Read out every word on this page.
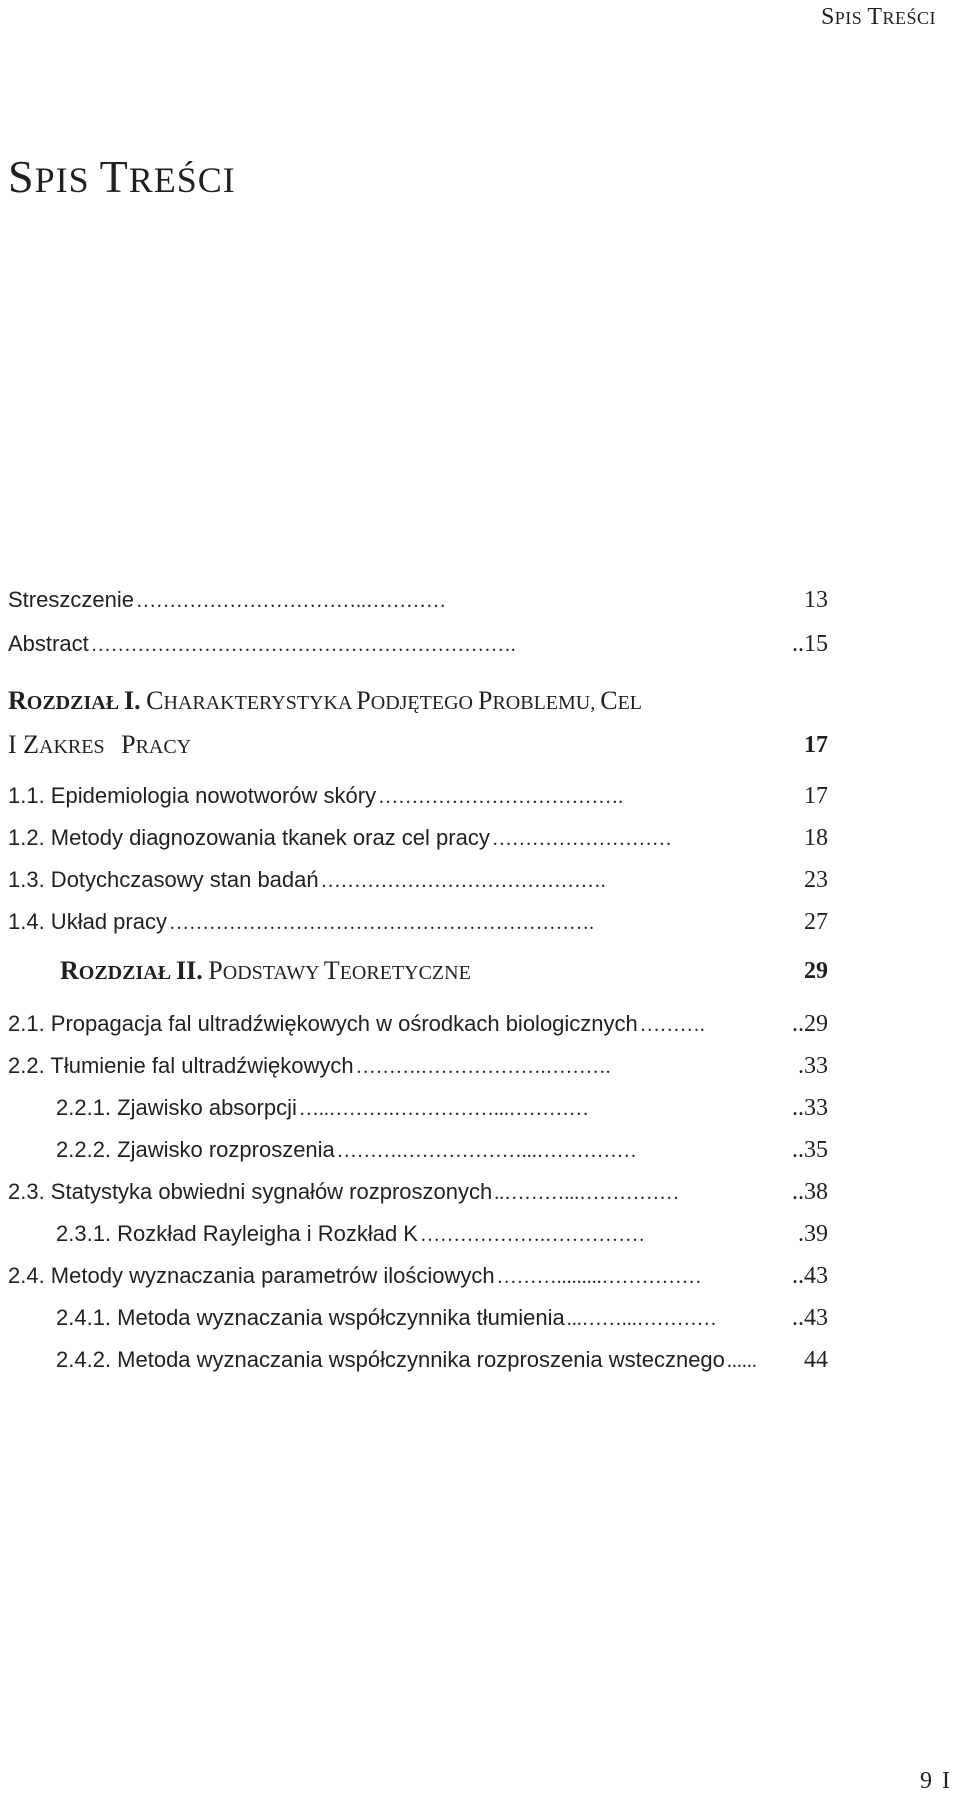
SPIS TREŚCI
SPIS TREŚCI
Streszczenie ……………………………..…………	13
Abstract ……………………………………………………….	..15
ROZDZIAŁ I. CHARAKTERYSTYKA PODJĘTEGO PROBLEMU, CEL
I ZAKRES PRACY	17
1.1. Epidemiologia nowotworów skóry ……………………………….	17
1.2. Metody diagnozowania tkanek oraz cel pracy ………………………	18
1.3. Dotychczasowy stan badań …………………………………….	23
1.4. Układ pracy ……………………………………………………….	27
ROZDZIAŁ II. PODSTAWY TEORETYCZNE	29
2.1. Propagacja fal ultradźwiękowych w ośrodkach biologicznych ……….	..29
2.2. Tłumienie fal ultradźwiękowych ……….……………….……….	.33
2.2.1. Zjawisko absorpcji …..……….……………...…………	..33
2.2.2. Zjawisko rozproszenia ……….………………...……………	..35
2.3. Statystyka obwiedni sygnałów rozproszonych ..………...……………	..38
2.3.1. Rozkład Rayleigha i Rozkład K ……………….……………	.39
2.4. Metody wyznaczania parametrów ilościowych ……….........……………	..43
2.4.1. Metoda wyznaczania współczynnika tłumienia ...……...…………	..43
2.4.2. Metoda wyznaczania współczynnika rozproszenia wstecznego ......	44
9 I
